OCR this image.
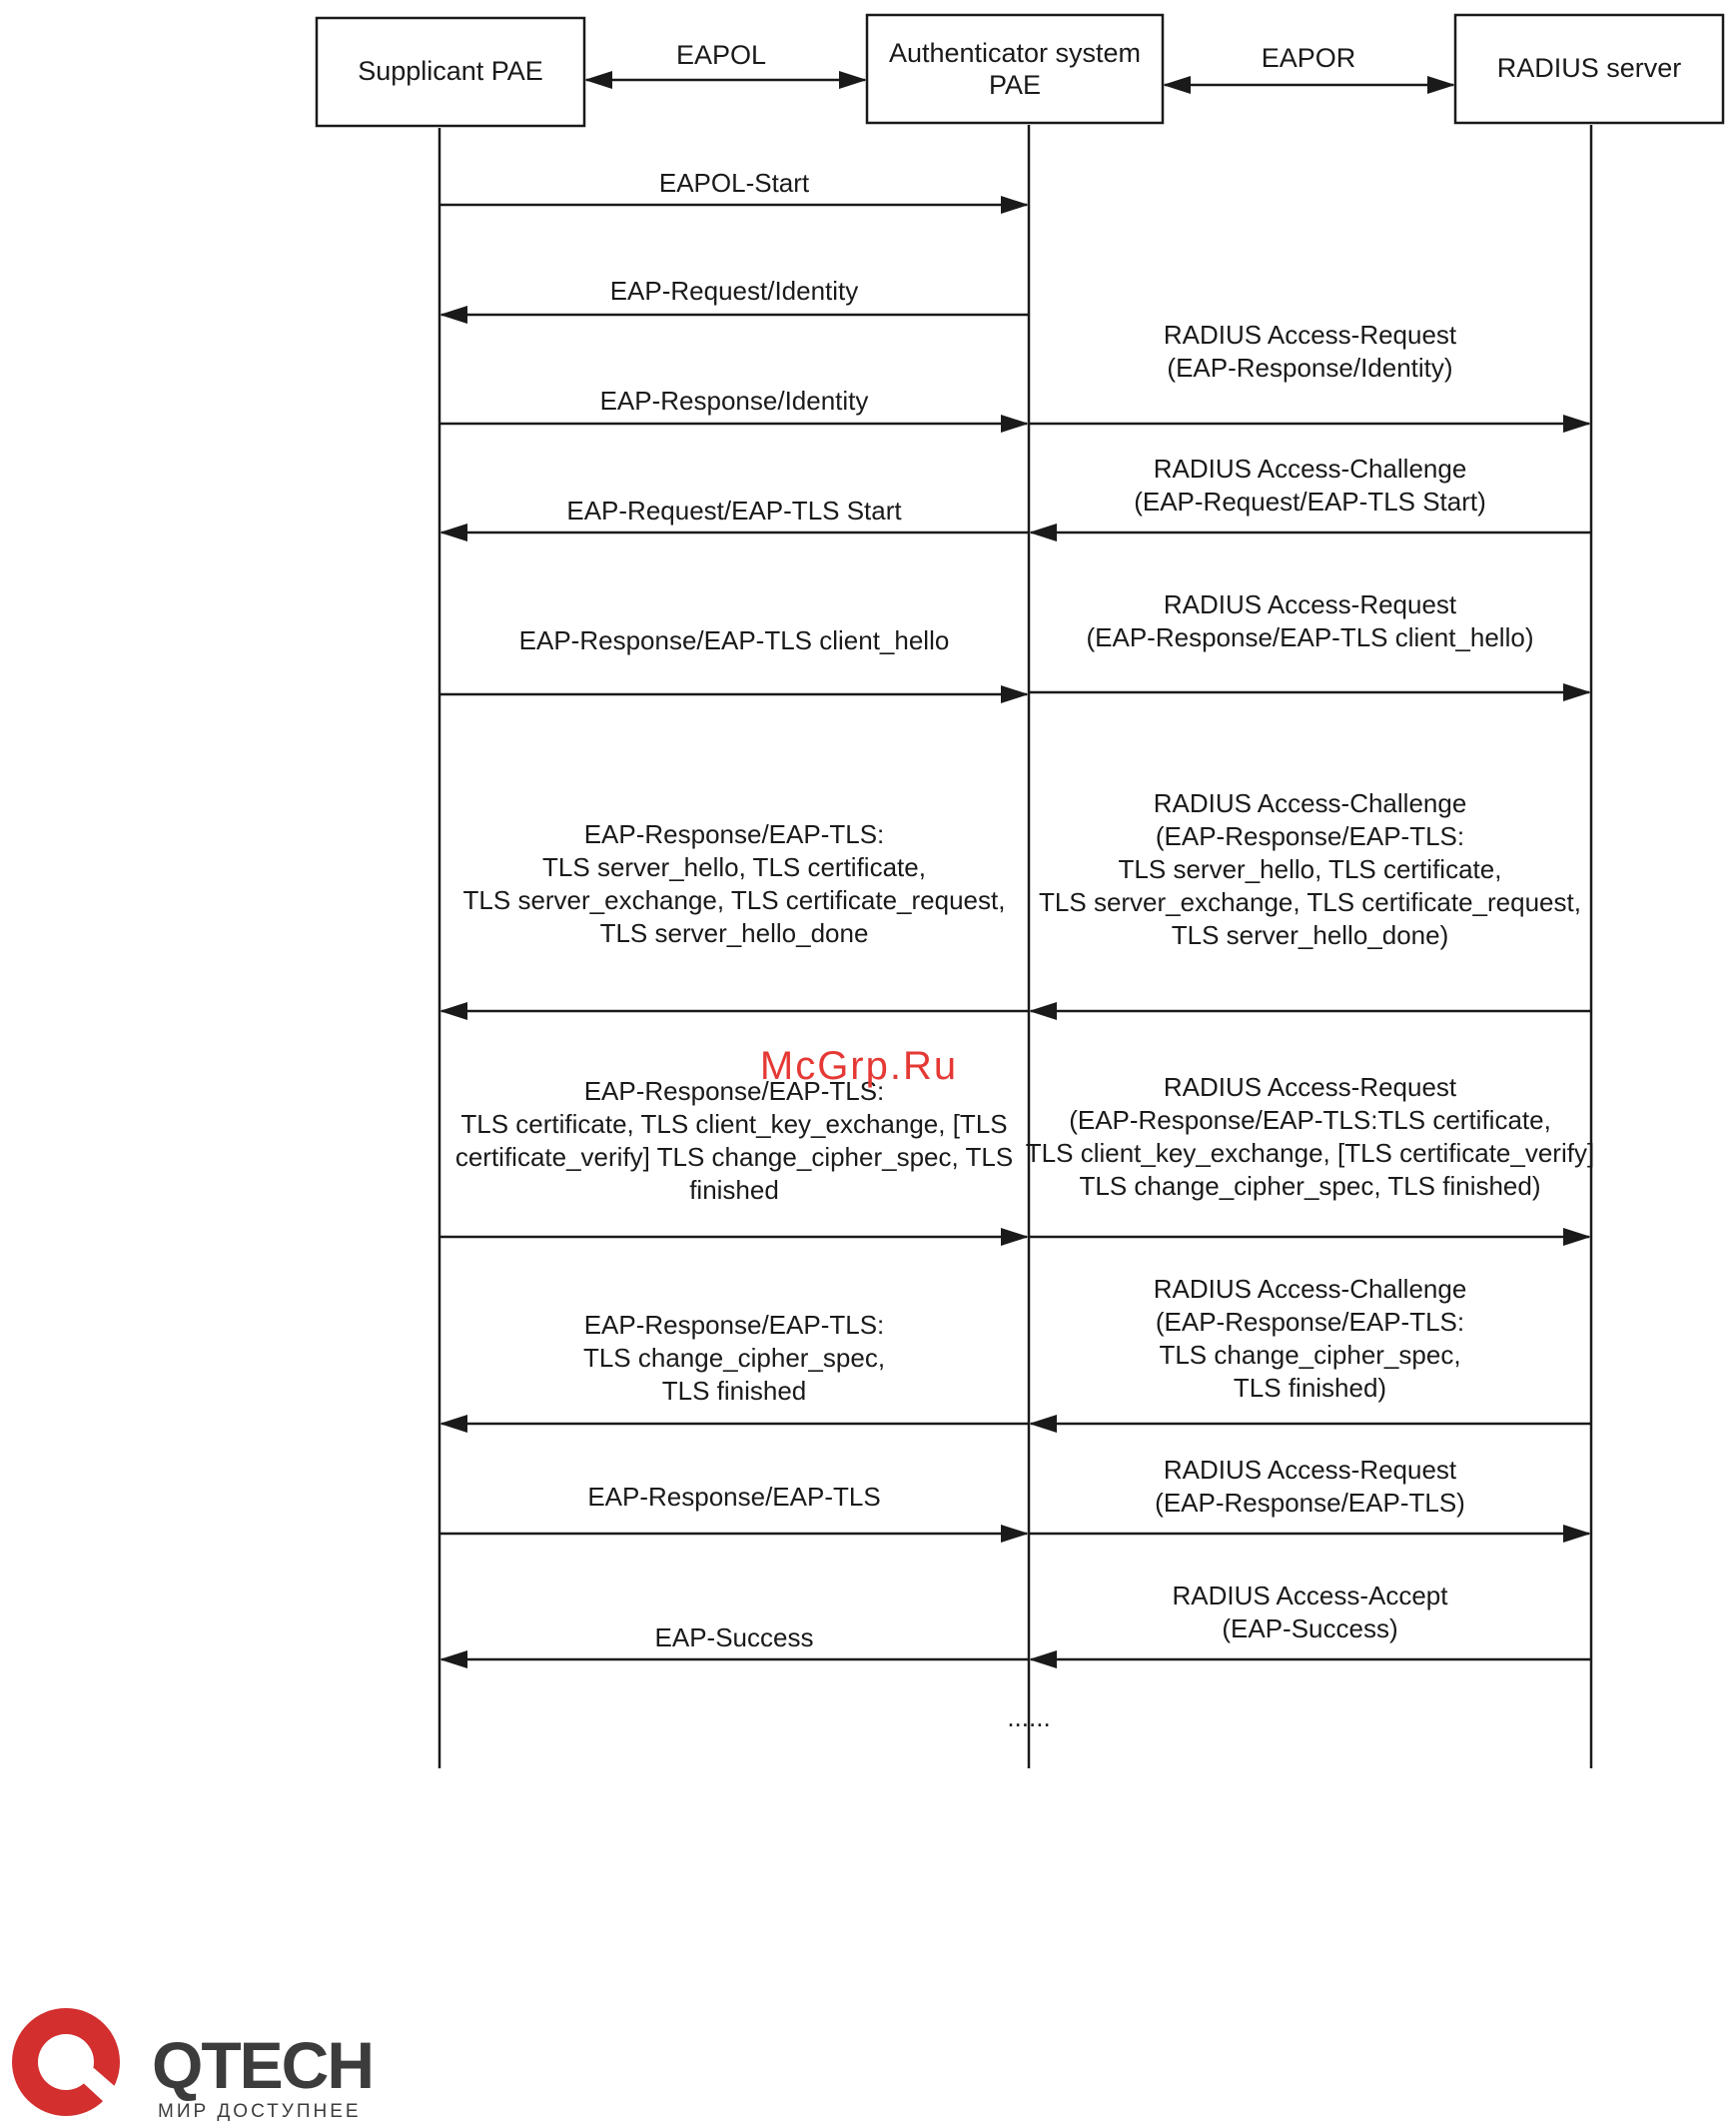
Supplicant PAE
Authenticator system
PAE
RADIUS server
EAPOL	EAPOR
EAPOL-Start
EAP-Request/Identity
EAP-Response/Identity
RADIUS Access-Request
(EAP-Response/Identity)
EAP-Request/EAP-TLS Start
RADIUS Access-Challenge
(EAP-Request/EAP-TLS Start)
EAP-Response/EAP-TLS client_hello
RADIUS Access-Request
(EAP-Response/EAP-TLS client_hello)
EAP-Response/EAP-TLS:
TLS server_hello, TLS certificate,
TLS server_exchange, TLS certificate_request,
TLS server_hello_done
RADIUS Access-Challenge
(EAP-Response/EAP-TLS:
TLS server_hello, TLS certificate,
TLS server_exchange, TLS certificate_request,
TLS server_hello_done)
EAP-Response/EAP-TLS:
TLS certificate, TLS client_key_exchange, [TLS
certificate_verify] TLS change_cipher_spec, TLS
finished
RADIUS Access-Request
(EAP-Response/EAP-TLS:TLS certificate,
TLS client_key_exchange, [TLS certificate_verify]
TLS change_cipher_spec, TLS finished)
EAP-Response/EAP-TLS:
TLS change_cipher_spec,
TLS finished
RADIUS Access-Challenge
(EAP-Response/EAP-TLS:
TLS change_cipher_spec,
TLS finished)
EAP-Response/EAP-TLS
RADIUS Access-Request
(EAP-Response/EAP-TLS)
EAP-Success
RADIUS Access-Accept
(EAP-Success)
......
McGrp.Ru
QTECH
МИР ДОСТУПНЕЕ
